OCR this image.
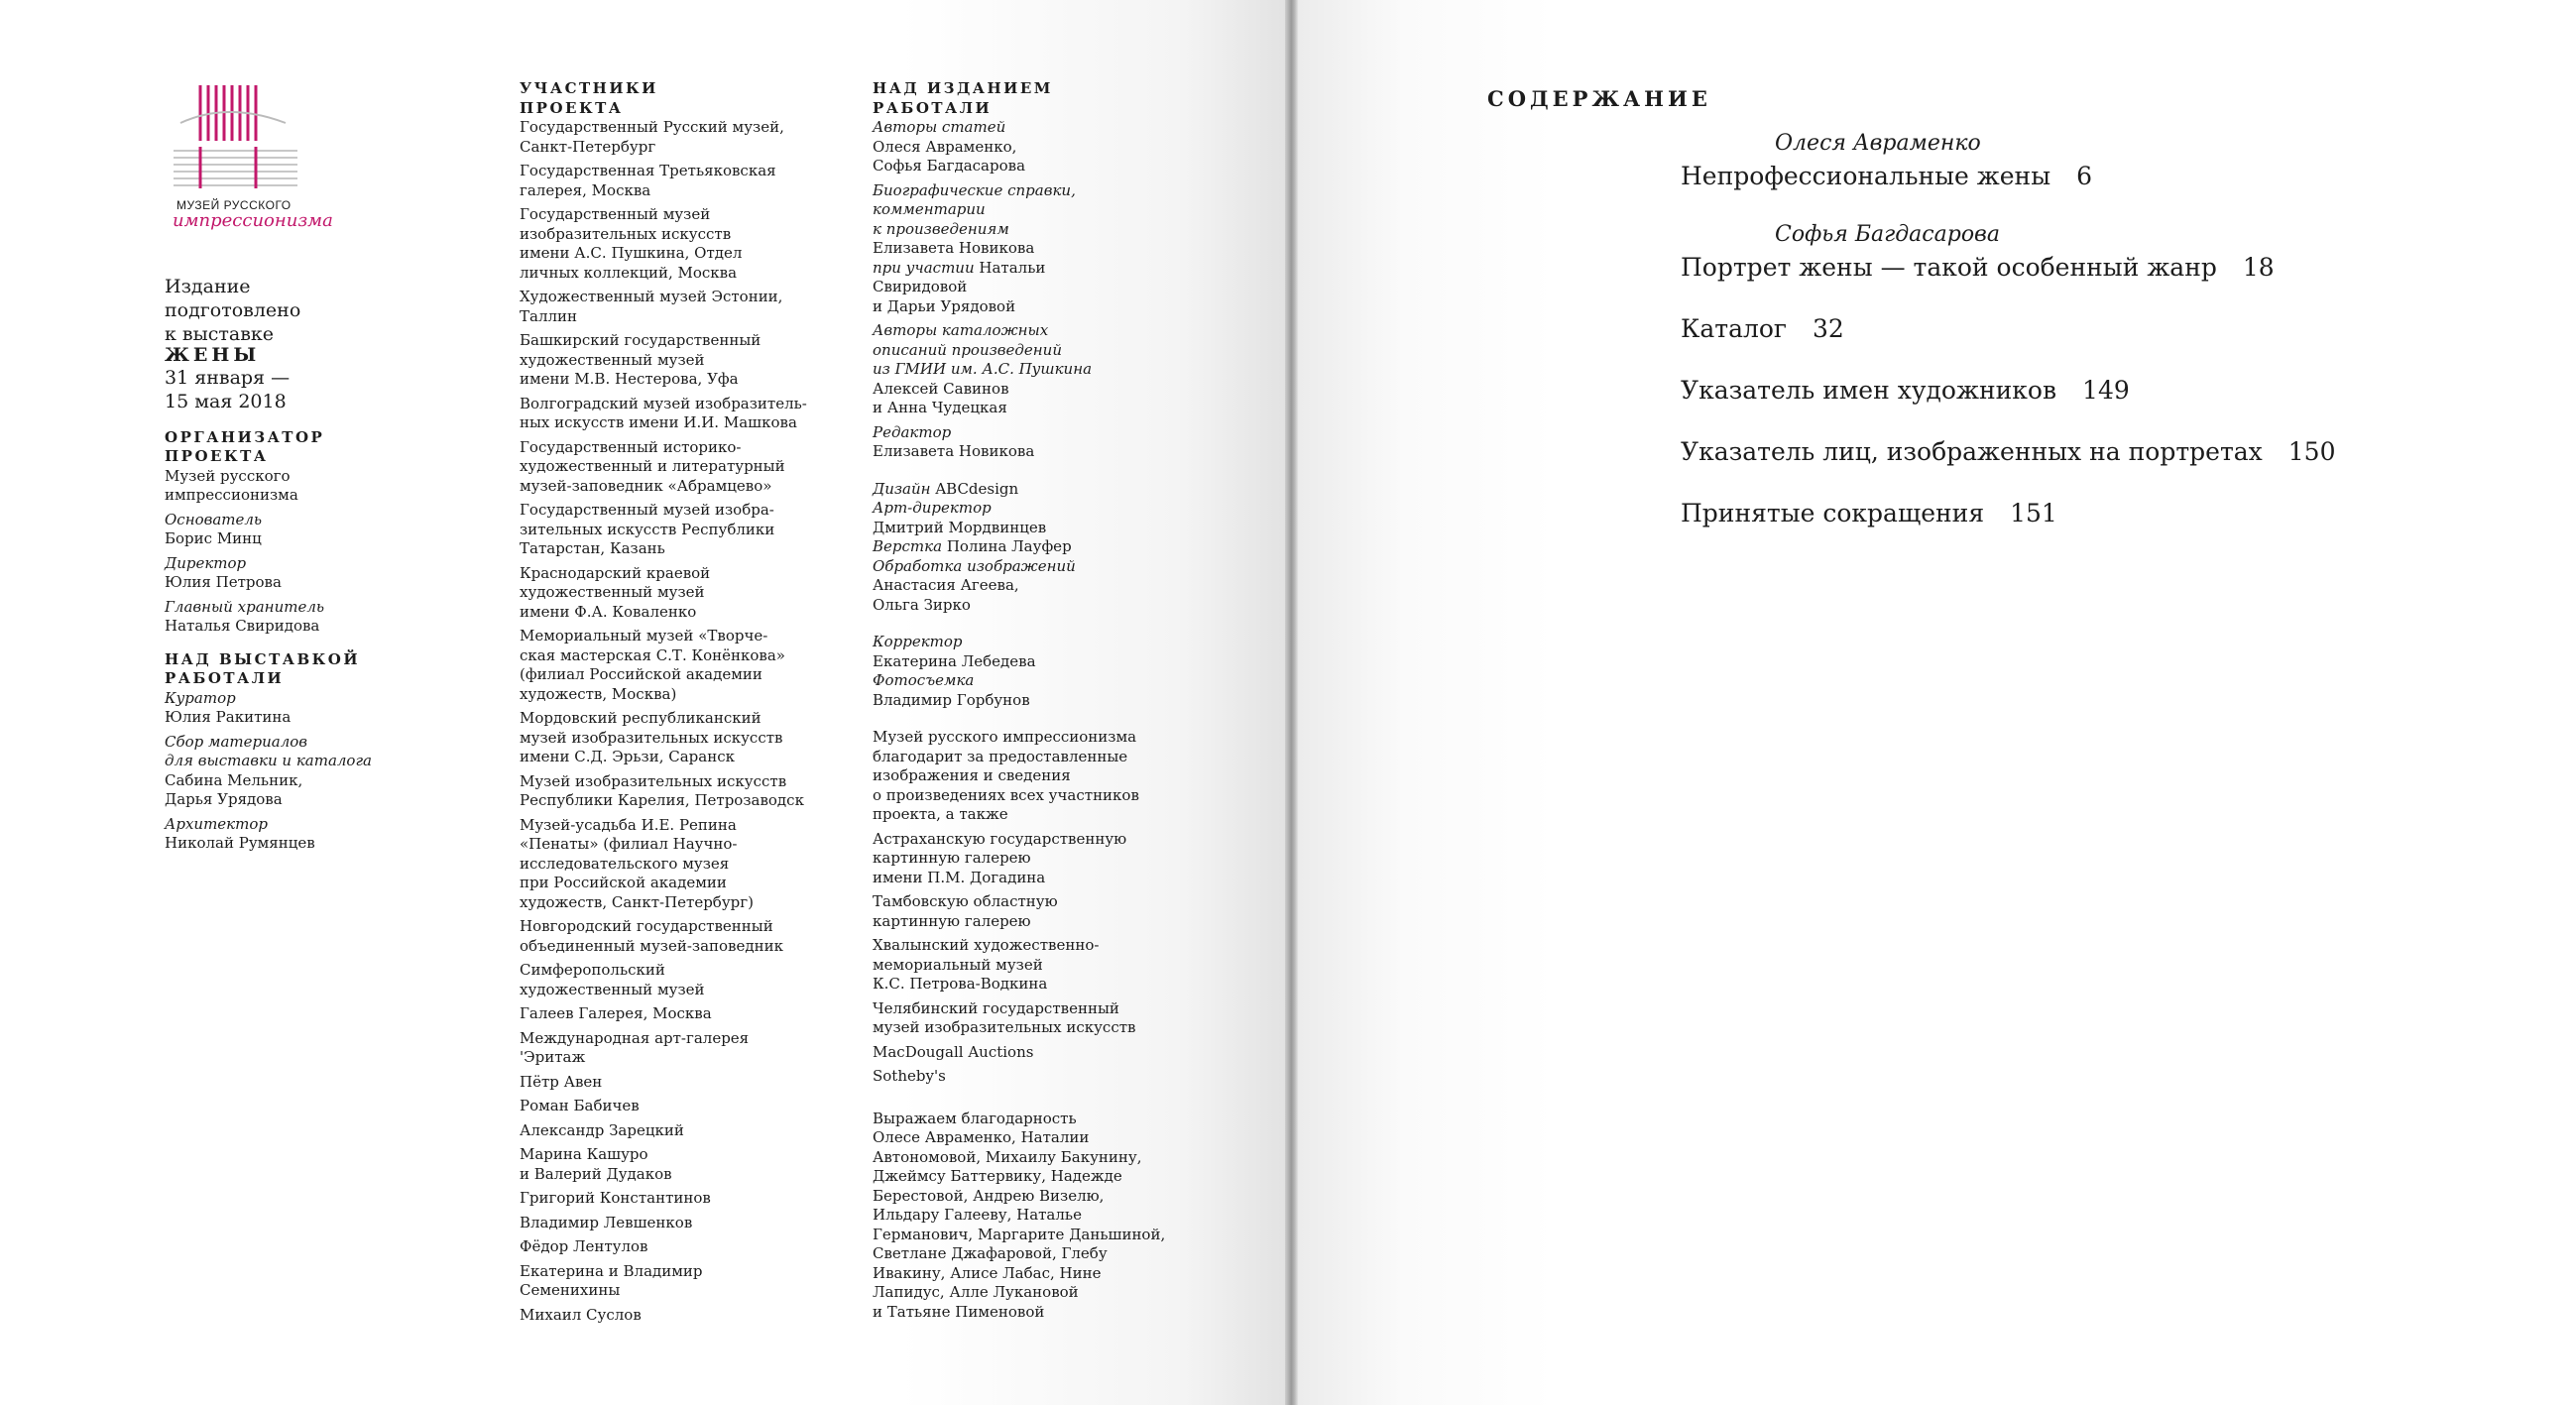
МУЗЕЙ РУССКОГО
импрессионизма
Издание
подготовлено
к выставке
ЖЕНЫ
31 января —
15 мая 2018
ОРГАНИЗАТОР
ПРОЕКТА
Музей русского
импрессионизма
Основатель
Борис Минц
Директор
Юлия Петрова
Главный хранитель
Наталья Свиридова
НАД ВЫСТАВКОЙ
РАБОТАЛИ
Куратор
Юлия Ракитина
Сбор материалов
для выставки и каталога
Сабина Мельник,
Дарья Урядова
Архитектор
Николай Румянцев
УЧАСТНИКИ
ПРОЕКТА
Государственный Русский музей,
Санкт-Петербург
Государственная Третьяковская
галерея, Москва
Государственный музей
изобразительных искусств
имени А.С. Пушкина, Отдел
личных коллекций, Москва
Художественный музей Эстонии,
Таллин
Башкирский государственный
художественный музей
имени М.В. Нестерова, Уфа
Волгоградский музей изобразитель-
ных искусств имени И.И. Машкова
Государственный историко-
художественный и литературный
музей-заповедник «Абрамцево»
Государственный музей изобра-
зительных искусств Республики
Татарстан, Казань
Краснодарский краевой
художественный музей
имени Ф.А. Коваленко
Мемориальный музей «Творче-
ская мастерская С.Т. Конёнкова»
(филиал Российской академии
художеств, Москва)
Мордовский республиканский
музей изобразительных искусств
имени С.Д. Эрьзи, Саранск
Музей изобразительных искусств
Республики Карелия, Петрозаводск
Музей-усадьба И.Е. Репина
«Пенаты» (филиал Научно-
исследовательского музея
при Российской академии
художеств, Санкт-Петербург)
Новгородский государственный
объединенный музей-заповедник
Симферопольский
художественный музей
Галеев Галерея, Москва
Международная арт-галерея
'Эритаж
Пётр Авен
Роман Бабичев
Александр Зарецкий
Марина Кашуро
и Валерий Дудаков
Григорий Константинов
Владимир Левшенков
Фёдор Лентулов
Екатерина и Владимир
Семенихины
Михаил Суслов
НАД ИЗДАНИЕМ
РАБОТАЛИ
Авторы статей
Олеся Авраменко,
Софья Багдасарова
Биографические справки,
комментарии
к произведениям
Елизавета Новикова
при участии Натальи
Свиридовой
и Дарьи Урядовой
Авторы каталожных
описаний произведений
из ГМИИ им. А.С. Пушкина
Алексей Савинов
и Анна Чудецкая
Редактор
Елизавета Новикова
Дизайн ABCdesign
Арт-директор
Дмитрий Мордвинцев
Верстка Полина Лауфер
Обработка изображений
Анастасия Агеева,
Ольга Зирко
Корректор
Екатерина Лебедева
Фотосъемка
Владимир Горбунов
Музей русского импрессионизма
благодарит за предоставленные
изображения и сведения
о произведениях всех участников
проекта, а также
Астраханскую государственную
картинную галерею
имени П.М. Догадина
Тамбовскую областную
картинную галерею
Хвалынский художественно-
мемориальный музей
К.С. Петрова-Водкина
Челябинский государственный
музей изобразительных искусств
MacDougall Auctions
Sotheby's
Выражаем благодарность
Олесе Авраменко, Наталии
Автономовой, Михаилу Бакунину,
Джеймсу Баттервику, Надежде
Берестовой, Андрею Визелю,
Ильдару Галееву, Наталье
Германович, Маргарите Даньшиной,
Светлане Джафаровой, Глебу
Ивакину, Алисе Лабас, Нине
Лапидус, Алле Лукановой
и Татьяне Пименовой
СОДЕРЖАНИЕ
Олеся Авраменко
Непрофессиональные жены 6
Софья Багдасарова
Портрет жены — такой особенный жанр 18
Каталог 32
Указатель имен художников 149
Указатель лиц, изображенных на портретах 150
Принятые сокращения 151
